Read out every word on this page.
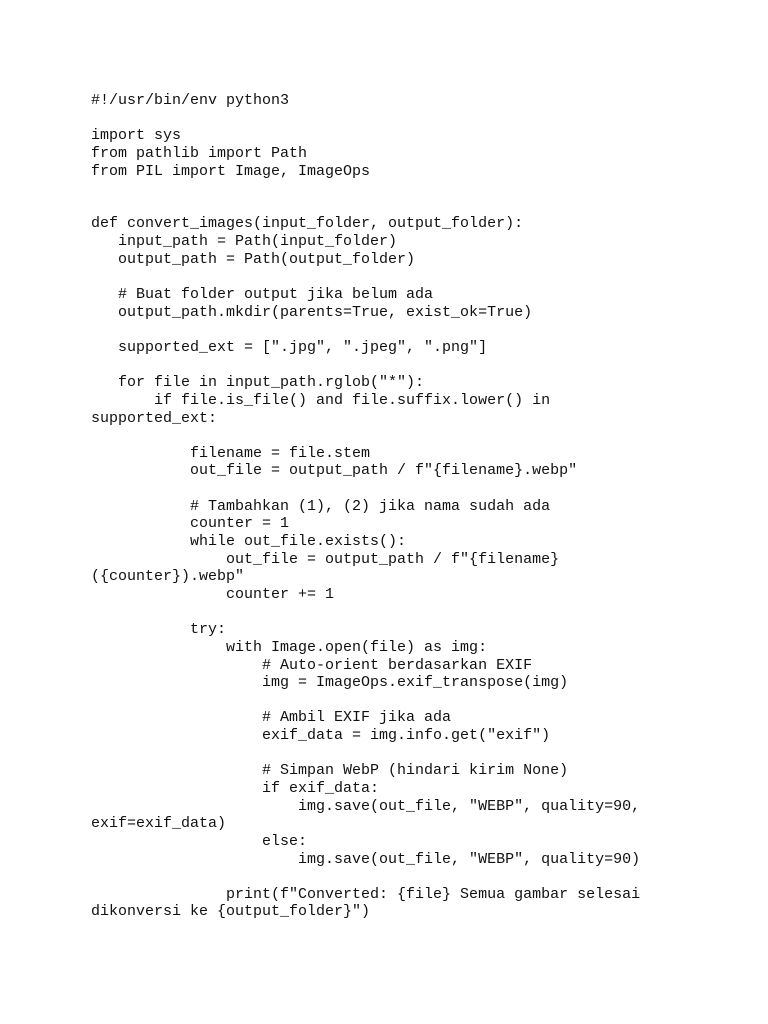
#!/usr/bin/env python3
import sys
from pathlib import Path
from PIL import Image, ImageOps
def convert_images(input_folder, output_folder):
input_path = Path(input_folder)
output_path = Path(output_folder)
# Buat folder output jika belum ada
output_path.mkdir(parents=True, exist_ok=True)
supported_ext = [".jpg", ".jpeg", ".png"]
for file in input_path.rglob("*"):
if file.is_file() and file.suffix.lower() in
supported_ext:
filename = file.stem
out_file = output_path / f"{filename}.webp"
# Tambahkan (1), (2) jika nama sudah ada
counter = 1
while out_file.exists():
out_file = output_path / f"{filename}
({counter}).webp"
counter += 1
try:
with Image.open(file) as img:
# Auto-orient berdasarkan EXIF
img = ImageOps.exif_transpose(img)
# Ambil EXIF jika ada
exif_data = img.info.get("exif")
# Simpan WebP (hindari kirim None)
if exif_data:
img.save(out_file, "WEBP", quality=90,
exif=exif_data)
else:
img.save(out_file, "WEBP", quality=90)
print(f"Converted: {file} Semua gambar selesai
dikonversi ke {output_folder}")
